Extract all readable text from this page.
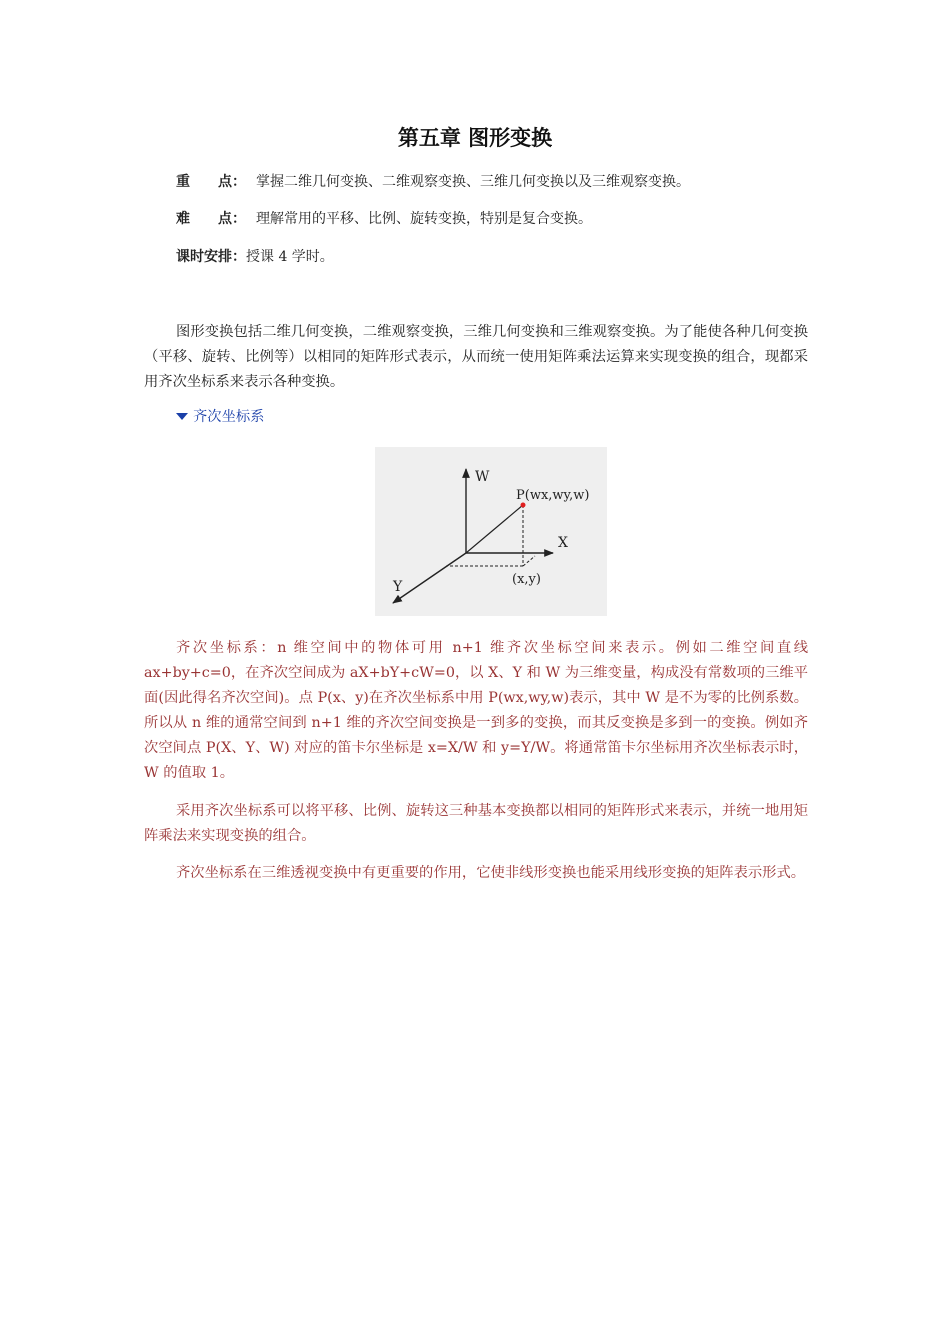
第五章 图形变换
重　　点： 掌握二维几何变换、二维观察变换、三维几何变换以及三维观察变换。
难　　点： 理解常用的平移、比例、旋转变换，特别是复合变换。
课时安排：授课 4 学时。

图形变换包括二维几何变换，二维观察变换，三维几何变换和三维观察变换。为了能使各种几何变换（平移、旋转、比例等）以相同的矩阵形式表示，从而统一使用矩阵乘法运算来实现变换的组合，现都采用齐次坐标系来表示各种变换。

齐次坐标系
W
P(wx,wy,w)
X
(x,y)
Y

齐次坐标系：n 维空间中的物体可用 n+1 维齐次坐标空间来表示。例如二维空间直线 ax+by+c=0，在齐次空间成为 aX+bY+cW=0，以 X、Y 和 W 为三维变量，构成没有常数项的三维平面(因此得名齐次空间)。点 P(x、y)在齐次坐标系中用 P(wx,wy,w)表示，其中 W 是不为零的比例系数。所以从 n 维的通常空间到 n+1 维的齐次空间变换是一到多的变换，而其反变换是多到一的变换。例如齐次空间点 P(X、Y、W) 对应的笛卡尔坐标是 x=X/W 和 y=Y/W。将通常笛卡尔坐标用齐次坐标表示时，W 的值取 1。

采用齐次坐标系可以将平移、比例、旋转这三种基本变换都以相同的矩阵形式来表示，并统一地用矩阵乘法来实现变换的组合。

齐次坐标系在三维透视变换中有更重要的作用，它使非线形变换也能采用线形变换的矩阵表示形式。
